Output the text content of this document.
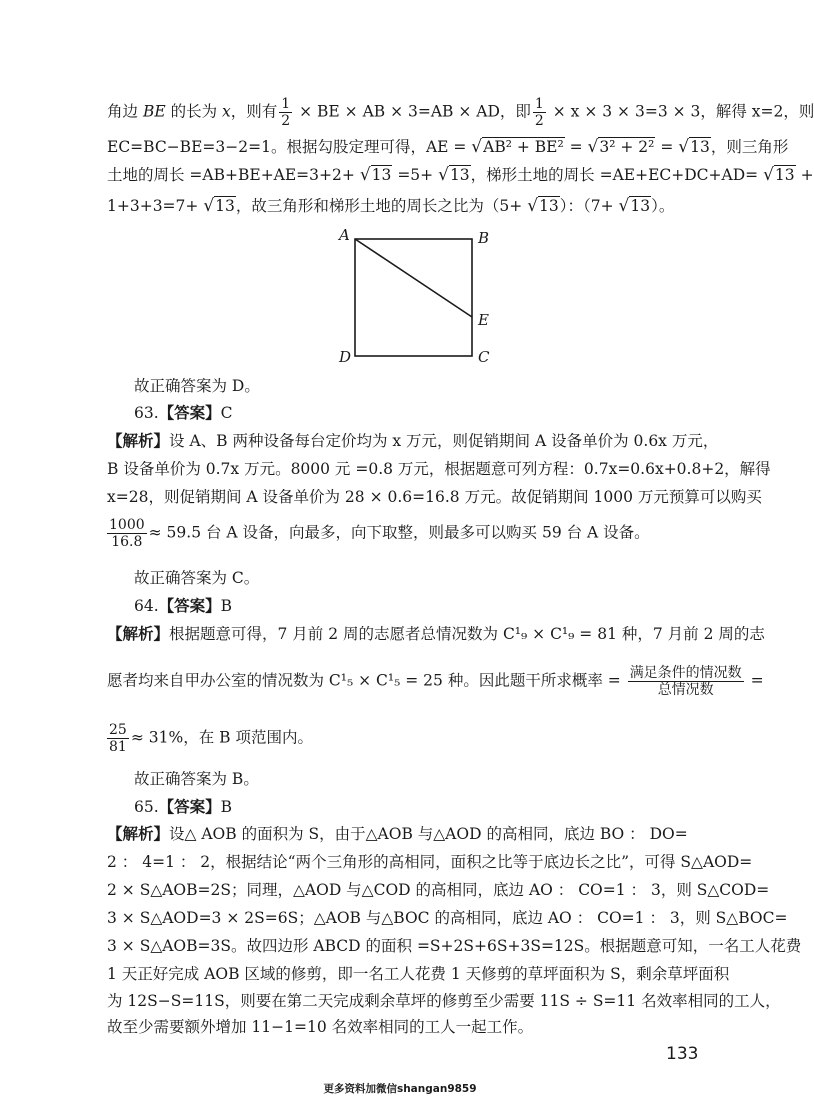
角边 BE 的长为 x，则有 $\frac{1}{2}$ × BE × AB × 3=AB × AD，即 $\frac{1}{2} \times x \times 3 \times 3=3 \times 3$，解得 x=2，则
EC=BC−BE=3−2=1。根据勾股定理可得，AE = √AB² + BE² = √3² + 2² = √13，则三角形
土地的周长 =AB+BE+AE=3+2+ √13 =5+ √13，梯形土地的周长 =AE+EC+DC+AD= √13 +
1+3+3=7+ √13，故三角形和梯形土地的周长之比为（5+ √13）：（7+ √13）。
A	B
E
D	C
故正确答案为 D。
63.【答案】C
【解析】设 A、B 两种设备每台定价均为 x 万元，则促销期间 A 设备单价为 0.6x 万元，
B 设备单价为 0.7x 万元。8000 元 =0.8 万元，根据题意可列方程：0.7x=0.6x+0.8+2，解得
x=28，则促销期间 A 设备单价为 28 × 0.6=16.8 万元。故促销期间 1000 万元预算可以购买
$\frac{1000}{16.8} \approx 59.5$ 台 A 设备，向最多，向下取整，则最多可以购买 59 台 A 设备。
故正确答案为 C。
64.【答案】B
【解析】根据题意可得，7 月前 2 周的志愿者总情况数为 C¹₉ × C¹₉ = 81 种，7 月前 2 周的志
愿者均来自甲办公室的情况数为 C¹₅ × C¹₅ = 25 种。因此题干所求概率 = $\frac{\text{满足条件的情况数}}{\text{总情况数}}$ =
$\frac{25}{81} \approx 31\%$，在 B 项范围内。
故正确答案为 B。
65.【答案】B
【解析】设△ AOB 的面积为 S，由于△AOB 与△AOD 的高相同，底边 BO ： DO=
2 ： 4=1 ： 2，根据结论“两个三角形的高相同，面积之比等于底边长之比”，可得 S△AOD=
2 × S△AOB=2S；同理，△AOD 与△COD 的高相同，底边 AO ： CO=1 ： 3，则 S△COD=
3 × S△AOD=3 × 2S=6S；△AOB 与△BOC 的高相同，底边 AO ： CO=1 ： 3，则 S△BOC=
3 × S△AOB=3S。故四边形 ABCD 的面积 =S+2S+6S+3S=12S。根据题意可知，一名工人花费
1 天正好完成 AOB 区域的修剪，即一名工人花费 1 天修剪的草坪面积为 S，剩余草坪面积
为 12S−S=11S，则要在第二天完成剩余草坪的修剪至少需要 11S ÷ S=11 名效率相同的工人，
故至少需要额外增加 11−1=10 名效率相同的工人一起工作。
133
更多资料加微信shangan9859
